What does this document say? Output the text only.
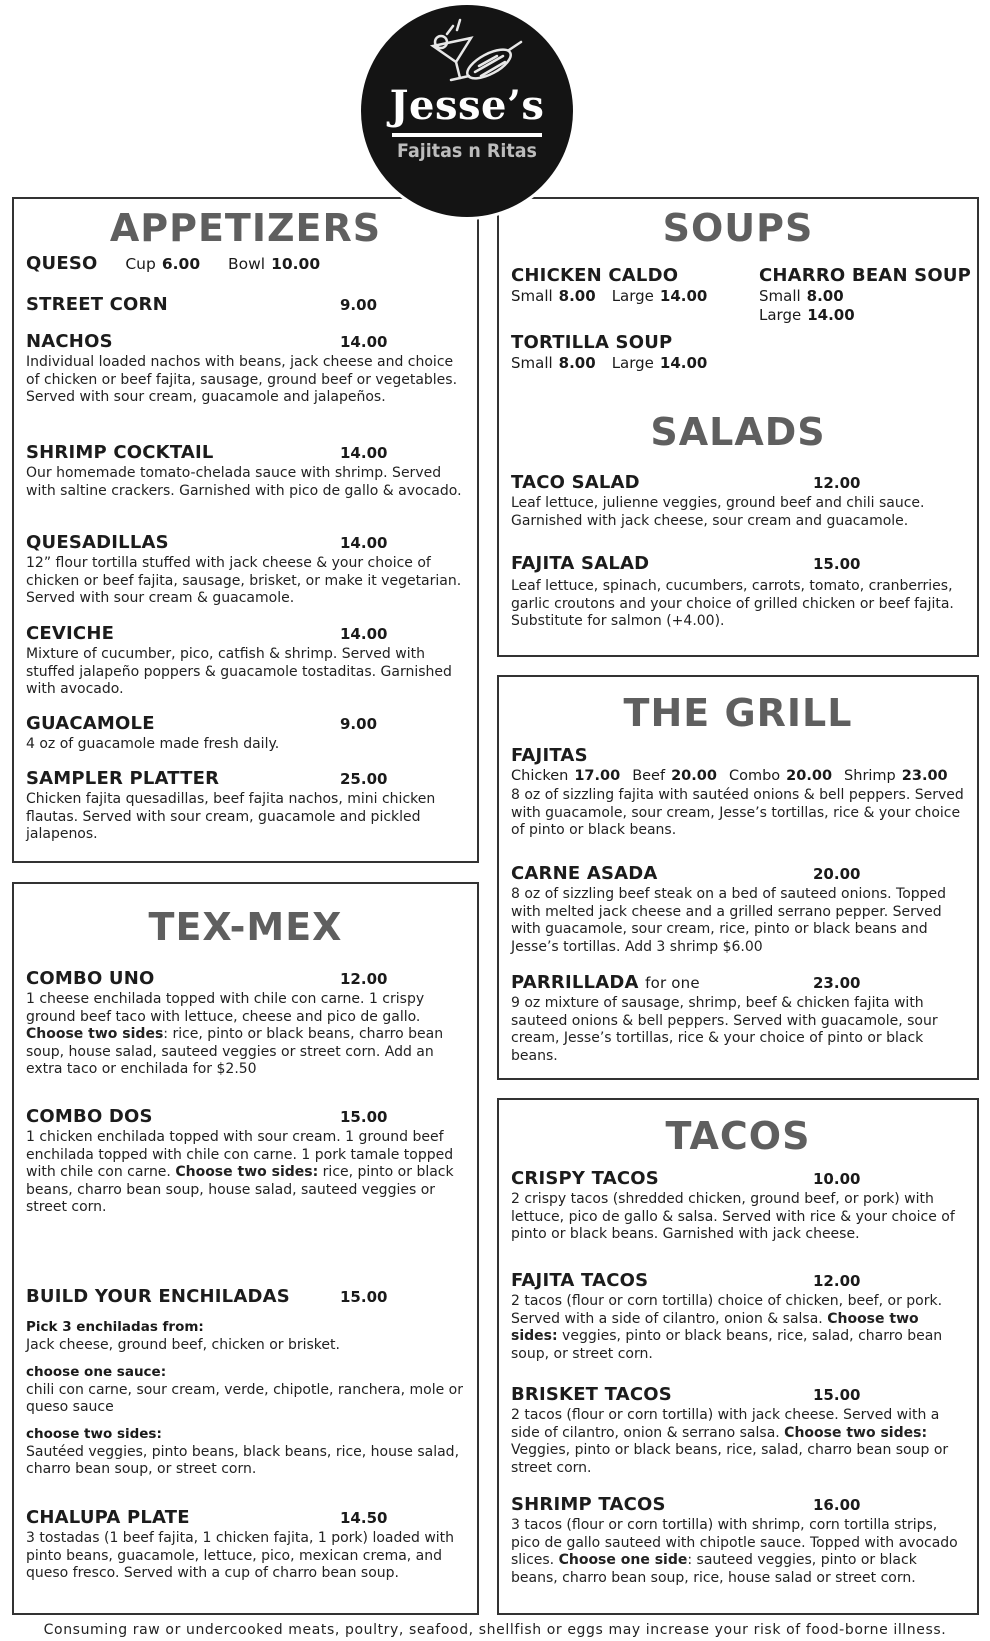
APPETIZERS
QUESO Cup 6.00 Bowl 10.00
STREET CORN	9.00
NACHOS	14.00

Individual loaded nachos with beans, jack cheese and choice of chicken or beef fajita, sausage, ground beef or vegetables. Served with sour cream, guacamole and jalapeños.

SHRIMP COCKTAIL	14.00

Our homemade tomato-chelada sauce with shrimp. Served with saltine crackers. Garnished with pico de gallo & avocado.

QUESADILLAS	14.00

12” flour tortilla stuffed with jack cheese & your choice of chicken or beef fajita, sausage, brisket, or make it vegetarian. Served with sour cream & guacamole.

CEVICHE	14.00

Mixture of cucumber, pico, catfish & shrimp. Served with stuffed jalapeño poppers & guacamole tostaditas. Garnished with avocado.

GUACAMOLE	9.00

4 oz of guacamole made fresh daily.

SAMPLER PLATTER	25.00

Chicken fajita quesadillas, beef fajita nachos, mini chicken flautas. Served with sour cream, guacamole and pickled jalapenos.

TEX-MEX
COMBO UNO	12.00

1 cheese enchilada topped with chile con carne. 1 crispy ground beef taco with lettuce, cheese and pico de gallo. Choose two sides: rice, pinto or black beans, charro bean soup, house salad, sauteed veggies or street corn. Add an extra taco or enchilada for $2.50

COMBO DOS	15.00

1 chicken enchilada topped with sour cream. 1 ground beef enchilada topped with chile con carne. 1 pork tamale topped with chile con carne. Choose two sides: rice, pinto or black beans, charro bean soup, house salad, sauteed veggies or street corn.

BUILD YOUR ENCHILADAS	15.00
Pick 3 enchiladas from:

Jack cheese, ground beef, chicken or brisket.

choose one sauce:

chili con carne, sour cream, verde, chipotle, ranchera, mole or queso sauce

choose two sides:

Sautéed veggies, pinto beans, black beans, rice, house salad, charro bean soup, or street corn.

CHALUPA PLATE	14.50

3 tostadas (1 beef fajita, 1 chicken fajita, 1 pork) loaded with pinto beans, guacamole, lettuce, pico, mexican crema, and queso fresco. Served with a cup of charro bean soup.

SOUPS
CHICKEN CALDO
Small 8.00 Large 14.00
CHARRO BEAN SOUP
Small 8.00
Large 14.00
TORTILLA SOUP
Small 8.00 Large 14.00
SALADS
TACO SALAD	12.00

Leaf lettuce, julienne veggies, ground beef and chili sauce. Garnished with jack cheese, sour cream and guacamole.

FAJITA SALAD	15.00

Leaf lettuce, spinach, cucumbers, carrots, tomato, cranberries, garlic croutons and your choice of grilled chicken or beef fajita. Substitute for salmon (+4.00).

THE GRILL
FAJITAS
Chicken 17.00 Beef 20.00 Combo 20.00 Shrimp 23.00

8 oz of sizzling fajita with sautéed onions & bell peppers. Served with guacamole, sour cream, Jesse’s tortillas, rice & your choice of pinto or black beans.

CARNE ASADA	20.00

8 oz of sizzling beef steak on a bed of sauteed onions. Topped with melted jack cheese and a grilled serrano pepper. Served with guacamole, sour cream, rice, pinto or black beans and Jesse’s tortillas. Add 3 shrimp $6.00

PARRILLADA for one	23.00

9 oz mixture of sausage, shrimp, beef & chicken fajita with sauteed onions & bell peppers. Served with guacamole, sour cream, Jesse’s tortillas, rice & your choice of pinto or black beans.

TACOS
CRISPY TACOS	10.00

2 crispy tacos (shredded chicken, ground beef, or pork) with lettuce, pico de gallo & salsa. Served with rice & your choice of pinto or black beans. Garnished with jack cheese.

FAJITA TACOS	12.00

2 tacos (flour or corn tortilla) choice of chicken, beef, or pork. Served with a side of cilantro, onion & salsa. Choose two sides: veggies, pinto or black beans, rice, salad, charro bean soup, or street corn.

BRISKET TACOS	15.00

2 tacos (flour or corn tortilla) with jack cheese. Served with a side of cilantro, onion & serrano salsa. Choose two sides: Veggies, pinto or black beans, rice, salad, charro bean soup or street corn.

SHRIMP TACOS	16.00

3 tacos (flour or corn tortilla) with shrimp, corn tortilla strips, pico de gallo sauteed with chipotle sauce. Topped with avocado slices. Choose one side: sauteed veggies, pinto or black beans, charro bean soup, rice, house salad or street corn.

Jesse’s
Fajitas n Ritas
Consuming raw or undercooked meats, poultry, seafood, shellfish or eggs may increase your risk of food-borne illness.
